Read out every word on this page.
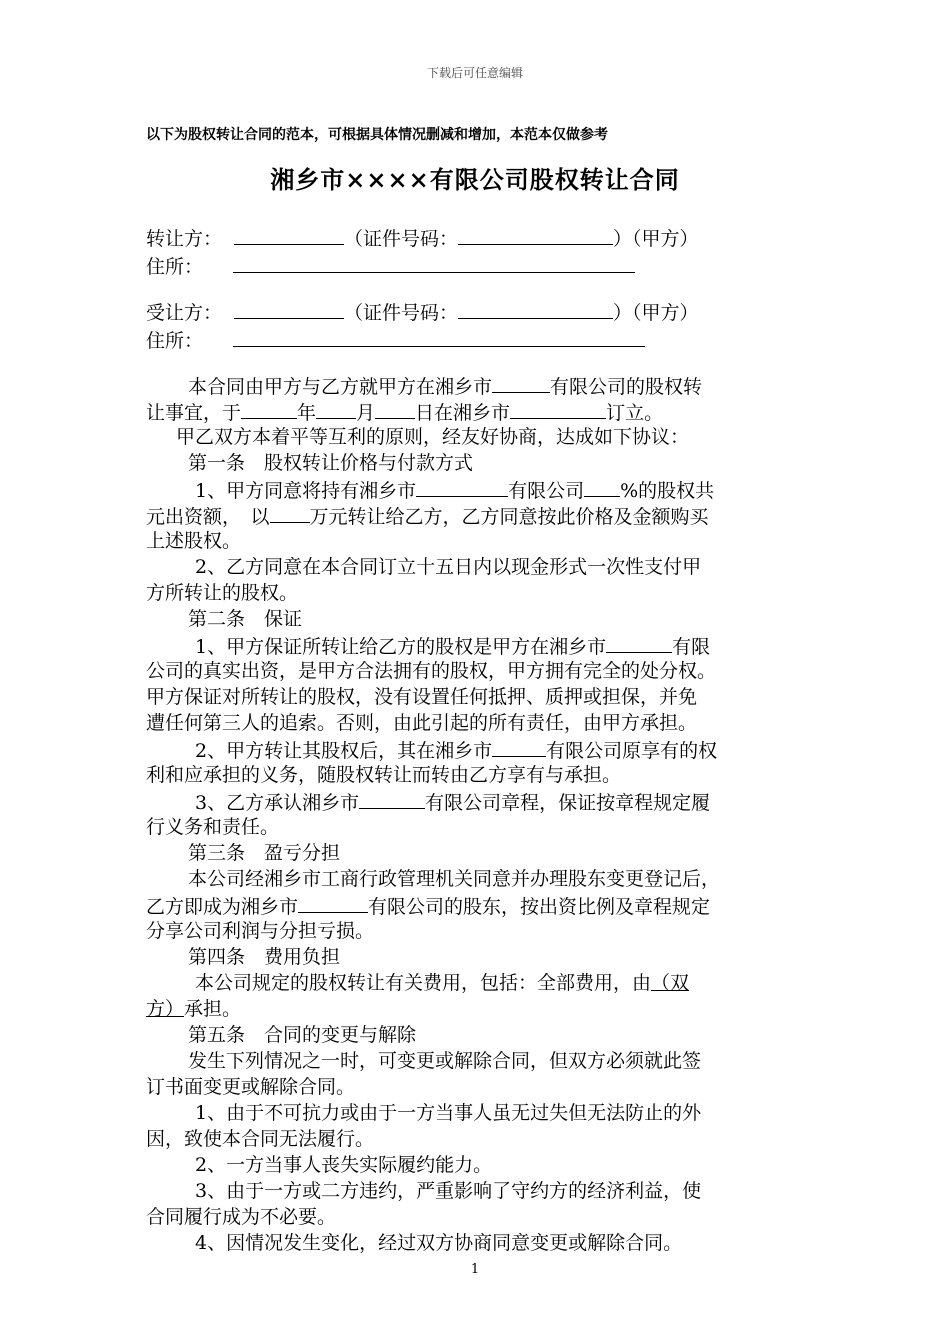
下载后可任意编辑
以下为股权转让合同的范本，可根据具体情况删减和增加，本范本仅做参考
湘乡市××××有限公司股权转让合同
转让方：	（证件号码：	）（甲方）
住所：
受让方：	（证件号码：	）（甲方）
住所：
本合同由甲方与乙方就甲方在湘乡市	有限公司的股权转
让事宜，于	年 月 日在湘乡市	订立。
甲乙双方本着平等互利的原则，经友好协商，达成如下协议：
第一条　股权转让价格与付款方式
1、甲方同意将持有湘乡市	有限公司 %的股权共
元出资额，　以 万元转让给乙方，乙方同意按此价格及金额购买
上述股权。
2、乙方同意在本合同订立十五日内以现金形式一次性支付甲
方所转让的股权。
第二条　保证
1、甲方保证所转让给乙方的股权是甲方在湘乡市	有限
公司的真实出资，是甲方合法拥有的股权，甲方拥有完全的处分权。
甲方保证对所转让的股权，没有设置任何抵押、质押或担保，并免
遭任何第三人的追索。否则，由此引起的所有责任，由甲方承担。
2、甲方转让其股权后，其在湘乡市	有限公司原享有的权
利和应承担的义务，随股权转让而转由乙方享有与承担。
3、乙方承认湘乡市	有限公司章程，保证按章程规定履
行义务和责任。
第三条　盈亏分担
本公司经湘乡市工商行政管理机关同意并办理股东变更登记后，
乙方即成为湘乡市	有限公司的股东，按出资比例及章程规定
分享公司利润与分担亏损。
第四条　费用负担
本公司规定的股权转让有关费用，包括：全部费用，由（双
方）承担。
第五条　合同的变更与解除
发生下列情况之一时，可变更或解除合同，但双方必须就此签
订书面变更或解除合同。
1、由于不可抗力或由于一方当事人虽无过失但无法防止的外
因，致使本合同无法履行。
2、一方当事人丧失实际履约能力。
3、由于一方或二方违约，严重影响了守约方的经济利益，使
合同履行成为不必要。
4、因情况发生变化，经过双方协商同意变更或解除合同。
1
